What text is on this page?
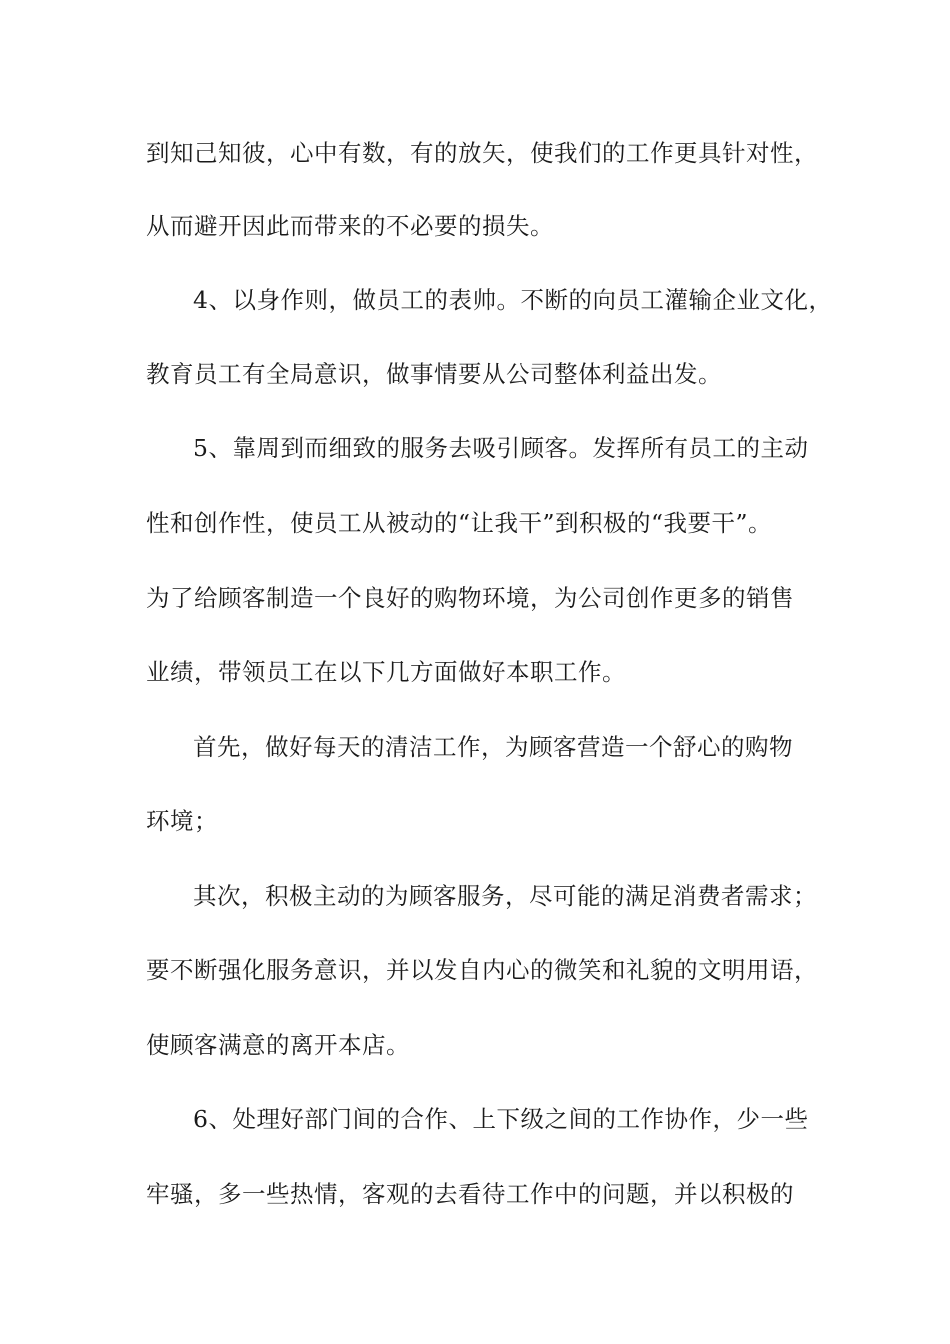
到知己知彼，心中有数，有的放矢，使我们的工作更具针对性，
从而避开因此而带来的不必要的损失。
4、以身作则，做员工的表帅。不断的向员工灌输企业文化，
教育员工有全局意识，做事情要从公司整体利益出发。
5、靠周到而细致的服务去吸引顾客。发挥所有员工的主动
性和创作性，使员工从被动的“让我干”到积极的“我要干”。
为了给顾客制造一个良好的购物环境，为公司创作更多的销售
业绩，带领员工在以下几方面做好本职工作。
首先，做好每天的清洁工作，为顾客营造一个舒心的购物
环境；
其次，积极主动的为顾客服务，尽可能的满足消费者需求；
要不断强化服务意识，并以发自内心的微笑和礼貌的文明用语，
使顾客满意的离开本店。
6、处理好部门间的合作、上下级之间的工作协作，少一些
牢骚，多一些热情，客观的去看待工作中的问题，并以积极的
